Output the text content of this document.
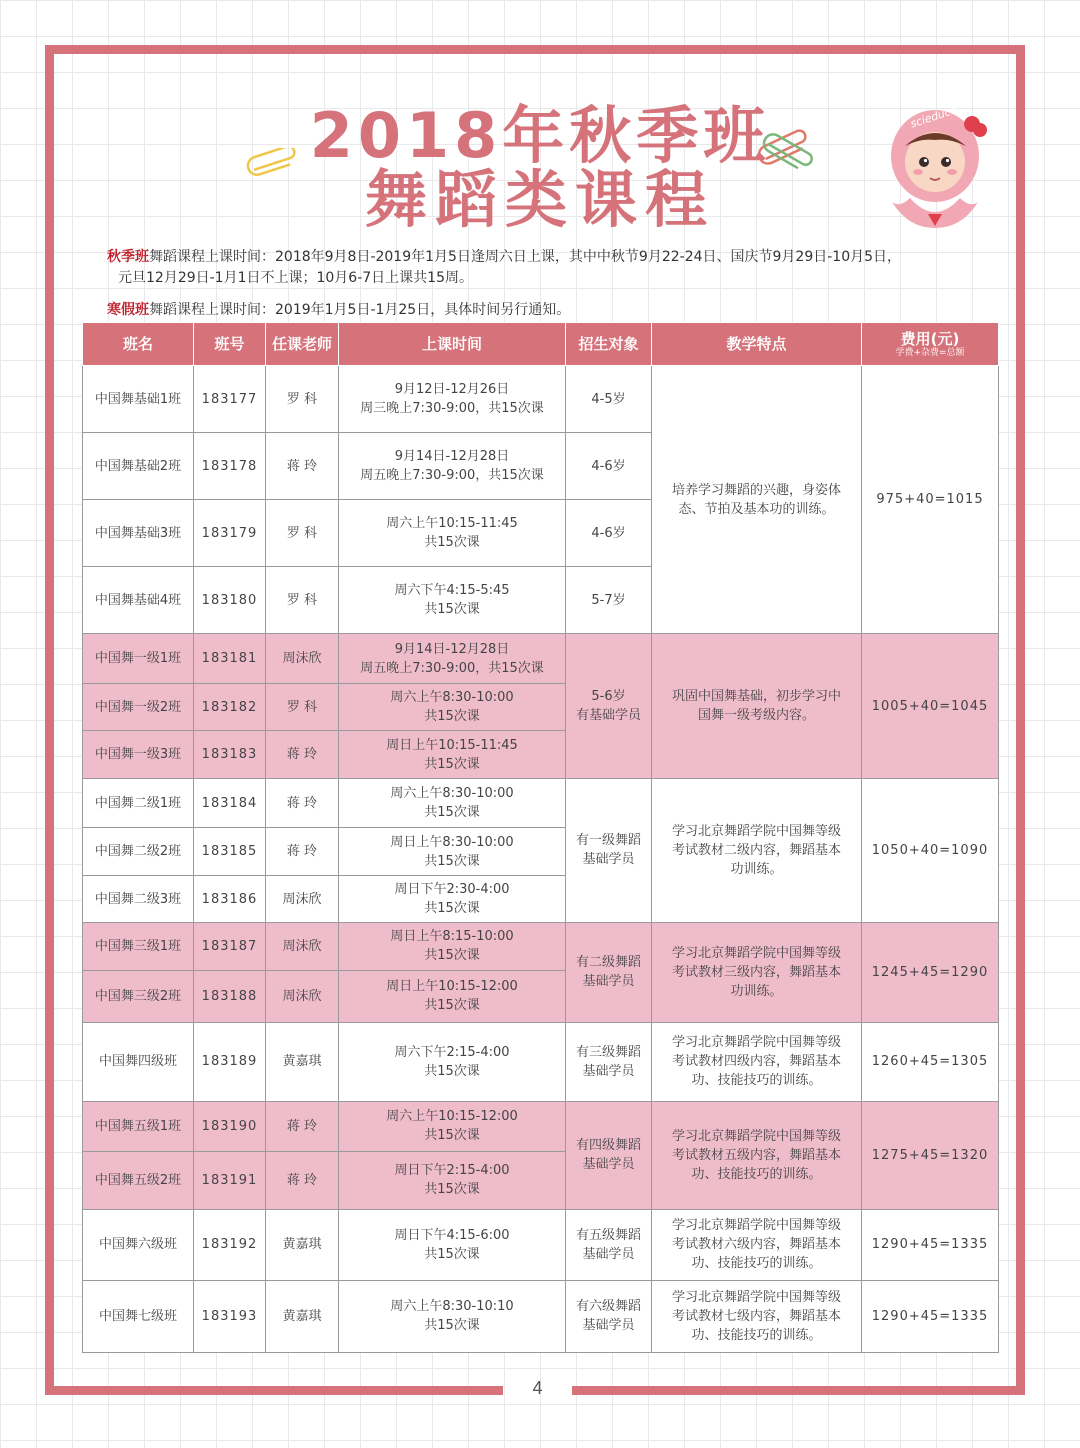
4
scieduce
2018年秋季班
舞蹈类课程
秋季班舞蹈课程上课时间：2018年9月8日-2019年1月5日逢周六日上课，其中中秋节9月22-24日、国庆节9月29日-10月5日，
元旦12月29日-1月1日不上课；10月6-7日上课共15周。
寒假班舞蹈课程上课时间：2019年1月5日-1月25日，具体时间另行通知。
班名	班号	任课老师	上课时间	招生对象	教学特点	费用(元)
学费+杂费=总额

中国舞基础1班	183177	罗 科	9月12日-12月26日
周三晚上7:30-9:00，共15次课	4-5岁	培养学习舞蹈的兴趣，身姿体
态、节拍及基本功的训练。	975+40=1015
中国舞基础2班	183178	蒋 玲	9月14日-12月28日
周五晚上7:30-9:00，共15次课	4-6岁		
中国舞基础3班	183179	罗 科	周六上午10:15-11:45
共15次课	4-6岁		
中国舞基础4班	183180	罗 科	周六下午4:15-5:45
共15次课	5-7岁		
中国舞一级1班	183181	周沫欣	9月14日-12月28日
周五晚上7:30-9:00，共15次课	5-6岁
有基础学员	巩固中国舞基础，初步学习中
国舞一级考级内容。	1005+40=1045
中国舞一级2班	183182	罗 科	周六上午8:30-10:00
共15次课			

中国舞一级3班	183183	蒋 玲	周日上午10:15-11:45
共15次课			

中国舞二级1班	183184	蒋 玲	周六上午8:30-10:00
共15次课	有一级舞蹈
基础学员	学习北京舞蹈学院中国舞等级
考试教材二级内容，舞蹈基本
功训练。	1050+40=1090
中国舞二级2班	183185	蒋 玲	周日上午8:30-10:00
共15次课			

中国舞二级3班	183186	周沫欣	周日下午2:30-4:00
共15次课			

中国舞三级1班	183187	周沫欣	周日上午8:15-10:00
共15次课	有二级舞蹈
基础学员	学习北京舞蹈学院中国舞等级
考试教材三级内容，舞蹈基本
功训练。	1245+45=1290
中国舞三级2班	183188	周沫欣	周日上午10:15-12:00
共15次课			

中国舞四级班	183189	黄嘉琪	周六下午2:15-4:00
共15次课	有三级舞蹈
基础学员	学习北京舞蹈学院中国舞等级
考试教材四级内容，舞蹈基本
功、技能技巧的训练。	1260+45=1305
中国舞五级1班	183190	蒋 玲	周六上午10:15-12:00
共15次课	有四级舞蹈
基础学员	学习北京舞蹈学院中国舞等级
考试教材五级内容，舞蹈基本
功、技能技巧的训练。	1275+45=1320
中国舞五级2班	183191	蒋 玲	周日下午2:15-4:00
共15次课			

中国舞六级班	183192	黄嘉琪	周日下午4:15-6:00
共15次课	有五级舞蹈
基础学员	学习北京舞蹈学院中国舞等级
考试教材六级内容，舞蹈基本
功、技能技巧的训练。	1290+45=1335
中国舞七级班	183193	黄嘉琪	周六上午8:30-10:10
共15次课	有六级舞蹈
基础学员	学习北京舞蹈学院中国舞等级
考试教材七级内容，舞蹈基本
功、技能技巧的训练。	1290+45=1335
